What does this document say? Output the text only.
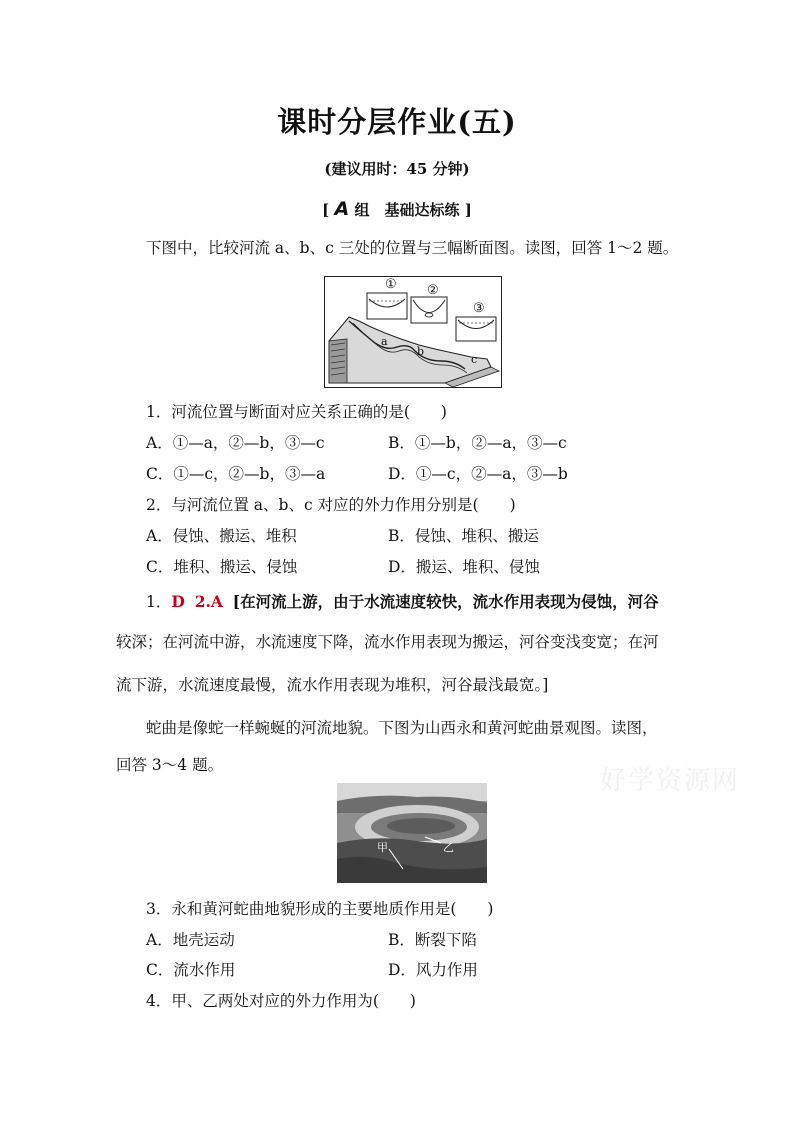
课时分层作业(五)
(建议用时：45 分钟)
[ A 组　基础达标练 ]
下图中，比较河流 a、b、c 三处的位置与三幅断面图。读图，回答 1～2 题。
① ②
③
a
b
c
1．河流位置与断面对应关系正确的是(　　)
A．①—a，②—b，③—c	B．①—b，②—a，③—c
C．①—c，②—b，③—a	D．①—c，②—a，③—b
2．与河流位置 a、b、c 对应的外力作用分别是(　　)
A．侵蚀、搬运、堆积	B．侵蚀、堆积、搬运
C．堆积、搬运、侵蚀	D．搬运、堆积、侵蚀
1．D 2.A [在河流上游，由于水流速度较快，流水作用表现为侵蚀，河谷
较深；在河流中游，水流速度下降，流水作用表现为搬运，河谷变浅变宽；在河
流下游，水流速度最慢，流水作用表现为堆积，河谷最浅最宽。]
蛇曲是像蛇一样蜿蜒的河流地貌。下图为山西永和黄河蛇曲景观图。读图，
回答 3～4 题。
好学资源网
甲	乙
3．永和黄河蛇曲地貌形成的主要地质作用是(　　)
A．地壳运动	B．断裂下陷
C．流水作用	D．风力作用
4．甲、乙两处对应的外力作用为(　　)
